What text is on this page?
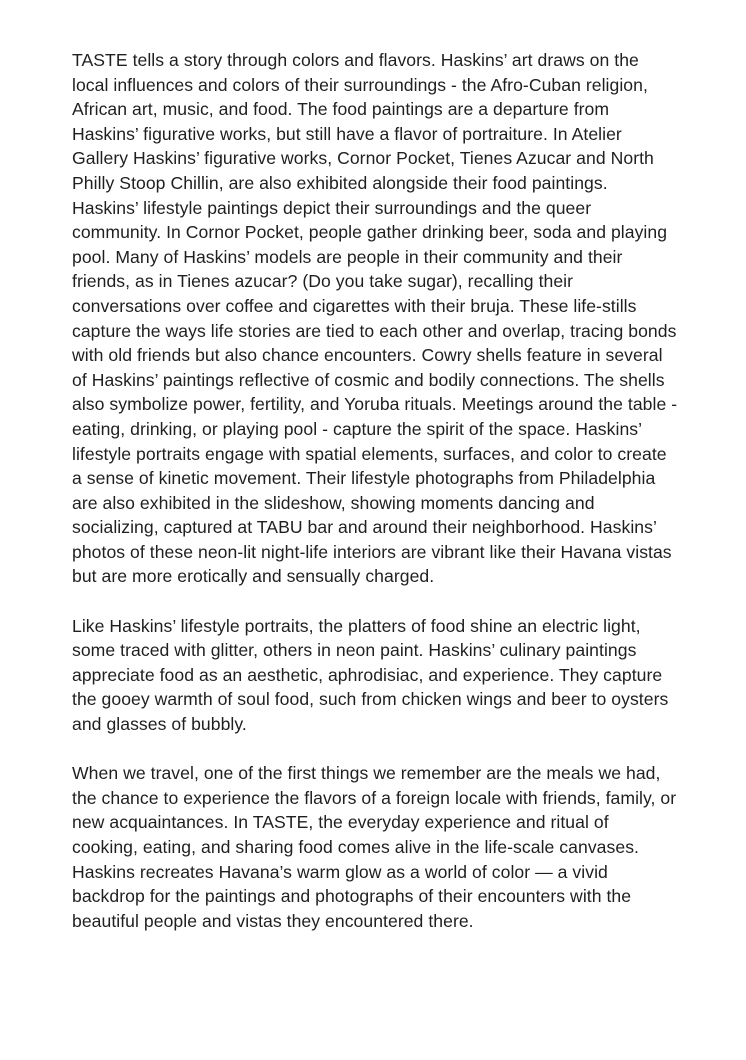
TASTE tells a story through colors and flavors. Haskins’ art draws on the local influences and colors of their surroundings - the Afro-Cuban religion, African art, music, and food. The food paintings are a departure from Haskins’ figurative works, but still have a flavor of portraiture. In Atelier Gallery Haskins’ figurative works, Cornor Pocket, Tienes Azucar and North Philly Stoop Chillin, are also exhibited alongside their food paintings. Haskins’ lifestyle paintings depict their surroundings and the queer community. In Cornor Pocket, people gather drinking beer, soda and playing pool. Many of Haskins’ models are people in their community and their friends, as in Tienes azucar? (Do you take sugar), recalling their conversations over coffee and cigarettes with their bruja. These life-stills capture the ways life stories are tied to each other and overlap, tracing bonds with old friends but also chance encounters. Cowry shells feature in several of Haskins’ paintings reflective of cosmic and bodily connections. The shells also symbolize power, fertility, and Yoruba rituals. Meetings around the table - eating, drinking, or playing pool - capture the spirit of the space. Haskins’ lifestyle portraits engage with spatial elements, surfaces, and color to create a sense of kinetic movement. Their lifestyle photographs from Philadelphia are also exhibited in the slideshow, showing moments dancing and socializing, captured at TABU bar and around their neighborhood. Haskins’ photos of these neon-lit night-life interiors are vibrant like their Havana vistas but are more erotically and sensually charged.

Like Haskins’ lifestyle portraits, the platters of food shine an electric light, some traced with glitter, others in neon paint. Haskins’ culinary paintings appreciate food as an aesthetic, aphrodisiac, and experience. They capture the gooey warmth of soul food, such from chicken wings and beer to oysters and glasses of bubbly.

When we travel, one of the first things we remember are the meals we had, the chance to experience the flavors of a foreign locale with friends, family, or new acquaintances. In TASTE, the everyday experience and ritual of cooking, eating, and sharing food comes alive in the life-scale canvases. Haskins recreates Havana’s warm glow as a world of color — a vivid backdrop for the paintings and photographs of their encounters with the beautiful people and vistas they encountered there.
